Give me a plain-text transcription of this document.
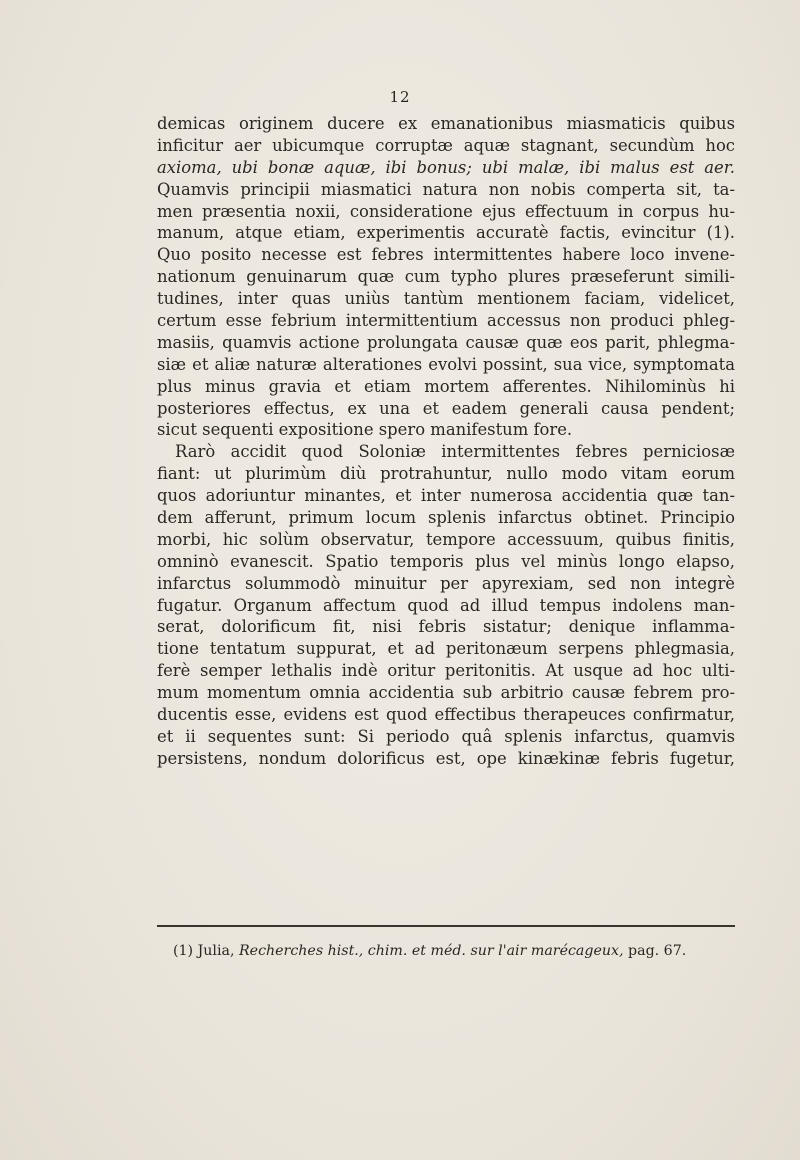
12
demicas originem ducere ex emanationibus miasmaticis quibus
inficitur aer ubicumque corruptæ aquæ stagnant, secundùm hoc
axioma, ubi bonæ aquæ, ibi bonus; ubi malæ, ibi malus est aer.
Quamvis principii miasmatici natura non nobis comperta sit, ta-
men præsentia noxii, consideratione ejus effectuum in corpus hu-
manum, atque etiam, experimentis accuratè factis, evincitur (1).
Quo posito necesse est febres intermittentes habere loco invene-
nationum genuinarum quæ cum typho plures præseferunt simili-
tudines, inter quas uniùs tantùm mentionem faciam, videlicet,
certum esse febrium intermittentium accessus non produci phleg-
masiis, quamvis actione prolungata causæ quæ eos parit, phlegma-
siæ et aliæ naturæ alterationes evolvi possint, sua vice, symptomata
plus minus gravia et etiam mortem afferentes. Nihilominùs hi
posteriores effectus, ex una et eadem generali causa pendent;
sicut sequenti expositione spero manifestum fore.
Rarò accidit quod Soloniæ intermittentes febres perniciosæ
fiant: ut plurimùm diù protrahuntur, nullo modo vitam eorum
quos adoriuntur minantes, et inter numerosa accidentia quæ tan-
dem afferunt, primum locum splenis infarctus obtinet. Principio
morbi, hic solùm observatur, tempore accessuum, quibus finitis,
omninò evanescit. Spatio temporis plus vel minùs longo elapso,
infarctus solummodò minuitur per apyrexiam, sed non integrè
fugatur. Organum affectum quod ad illud tempus indolens man-
serat, dolorificum fit, nisi febris sistatur; denique inflamma-
tione tentatum suppurat, et ad peritonæum serpens phlegmasia,
ferè semper lethalis indè oritur peritonitis. At usque ad hoc ulti-
mum momentum omnia accidentia sub arbitrio causæ febrem pro-
ducentis esse, evidens est quod effectibus therapeuces confirmatur,
et ii sequentes sunt: Si periodo quâ splenis infarctus, quamvis
persistens, nondum dolorificus est, ope kinækinæ febris fugetur,
(1) Julia, Recherches hist., chim. et méd. sur l'air marécageux, pag. 67.
